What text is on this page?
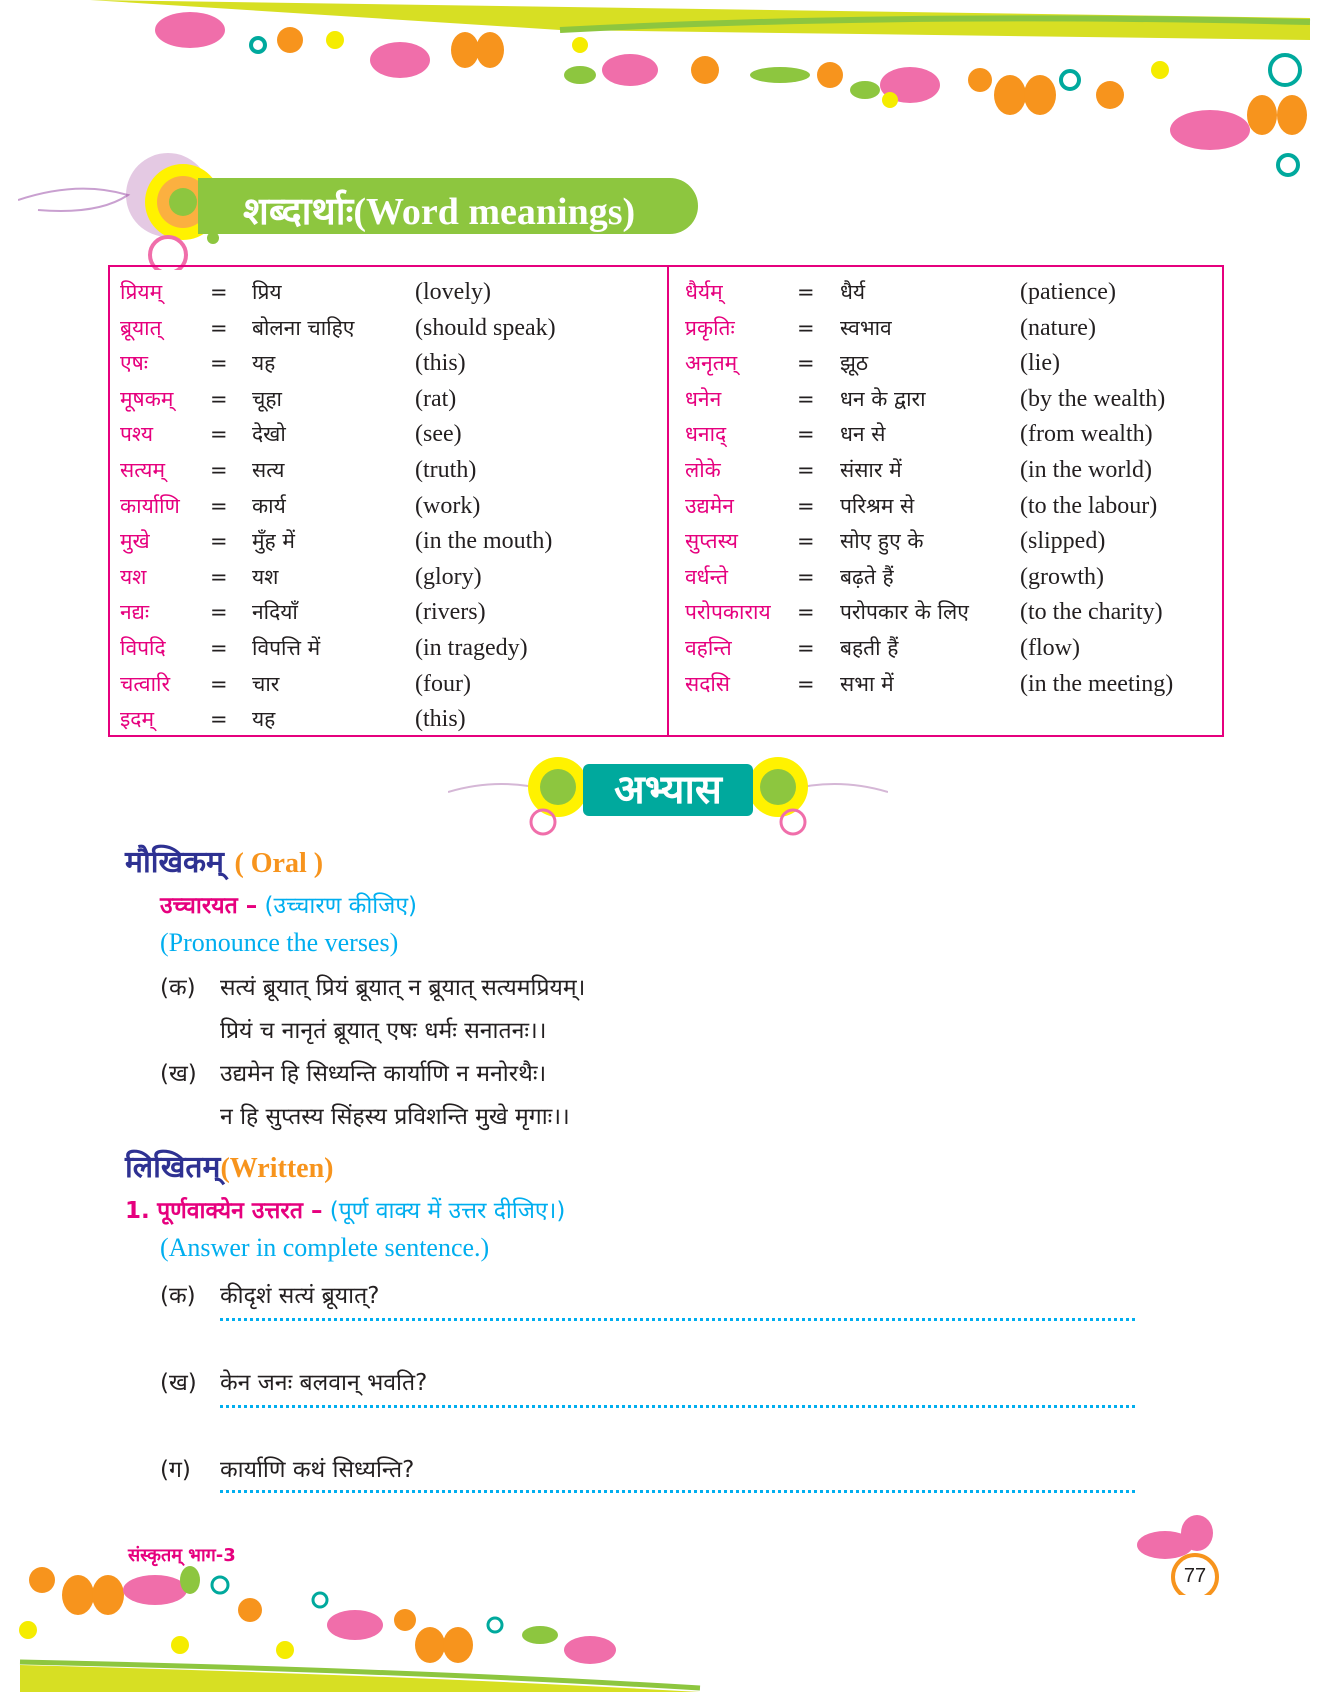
शब्दार्थाः(Word meanings)
प्रियम् = प्रिय	(lovely)
ब्रूयात् = बोलना चाहिए	(should speak)
एषः	= यह	(this)
मूषकम् = चूहा	(rat)
पश्य	= देखो	(see)
सत्यम् = सत्य	(truth)
कार्याणि = कार्य	(work)
मुखे	= मुँह में	(in the mouth)
यश	= यश	(glory)
नद्यः	= नदियाँ	(rivers)
विपदि = विपत्ति में	(in tragedy)
चत्वारि = चार	(four)
इदम्	= यह	(this)
धैर्यम्	= धैर्य	(patience)
प्रकृतिः	= स्वभाव	(nature)
अनृतम्	= झूठ	(lie)
धनेन	= धन के द्वारा	(by the wealth)
धनाद्	= धन से	(from wealth)
लोके	= संसार में	(in the world)
उद्यमेन	= परिश्रम से	(to the labour)
सुप्तस्य	= सोए हुए के	(slipped)
वर्धन्ते	= बढ़ते हैं	(growth)
परोपकाराय = परोपकार के लिए (to the charity)
वहन्ति	= बहती हैं	(flow)
सदसि	= सभा में	(in the meeting)
अभ्यास
मौखिकम् ( Oral )
उच्चारयत – (उच्चारण कीजिए)
(Pronounce the verses)
(क) सत्यं ब्रूयात् प्रियं ब्रूयात् न ब्रूयात् सत्यमप्रियम्।
प्रियं च नानृतं ब्रूयात् एषः धर्मः सनातनः।।
(ख) उद्यमेन हि सिध्यन्ति कार्याणि न मनोरथैः।
न हि सुप्तस्य सिंहस्य प्रविशन्ति मुखे मृगाः।।
लिखितम्(Written)
1. पूर्णवाक्येन उत्तरत – (पूर्ण वाक्य में उत्तर दीजिए।)
(Answer in complete sentence.)
(क) कीदृशं सत्यं ब्रूयात्?
(ख) केन जनः बलवान् भवति?
(ग) कार्याणि कथं सिध्यन्ति?
संस्कृतम् भाग-3
77
